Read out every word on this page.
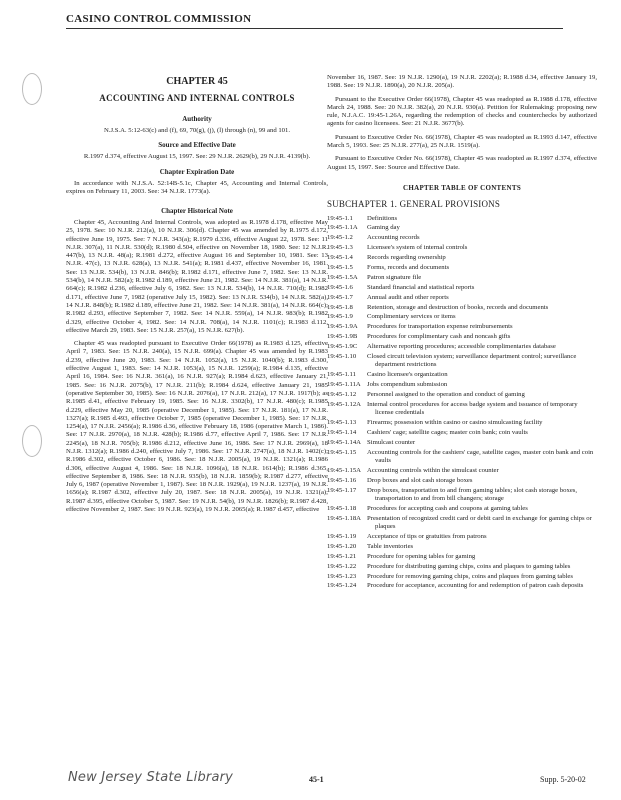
CASINO CONTROL COMMISSION
CHAPTER 45
ACCOUNTING AND INTERNAL CONTROLS
Authority

N.J.S.A. 5:12-63(c) and (f), 69, 70(g), (j), (l) through (n), 99 and 101.

Source and Effective Date

R.1997 d.374, effective August 15, 1997. See: 29 N.J.R. 2629(b), 29 N.J.R. 4139(b).

Chapter Expiration Date

In accordance with N.J.S.A. 52:14B-5.1c, Chapter 45, Accounting and Internal Controls, expires on February 11, 2003. See: 34 N.J.R. 1773(a).

Chapter Historical Note

Chapter 45, Accounting And Internal Controls, was adopted as R.1978 d.178, effective May 25, 1978. See: 10 N.J.R. 212(a), 10 N.J.R. 306(d). Chapter 45 was amended by R.1975 d.172, effective June 19, 1975. See: 7 N.J.R. 343(a); R.1979 d.336, effective August 22, 1978. See: 11 N.J.R. 307(a), 11 N.J.R. 530(d); R.1980 d.504, effective on November 18, 1980. See: 12 N.J.R. 447(b), 13 N.J.R. 48(a); R.1981 d.272, effective August 16 and September 10, 1981. See: 13 N.J.R. 47(c), 13 N.J.R. 628(a), 13 N.J.R. 541(a); R.1981 d.437, effective November 16, 1981. See: 13 N.J.R. 534(b), 13 N.J.R. 846(b); R.1982 d.171, effective June 7, 1982. See: 13 N.J.R. 534(b), 14 N.J.R. 582(a); R.1982 d.189, effective June 21, 1982. See: 14 N.J.R. 381(a), 14 N.J.R. 664(c); R.1982 d.236, effective July 6, 1982. See: 13 N.J.R. 534(b), 14 N.J.R. 710(d); R.1982 d.171, effective June 7, 1982 (operative July 15, 1982). See: 13 N.J.R. 534(b), 14 N.J.R. 582(a), 14 N.J.R. 848(b); R.1982 d.189, effective June 21, 1982. See: 14 N.J.R. 381(a), 14 N.J.R. 664(c); R.1982 d.293, effective September 7, 1982. See: 14 N.J.R. 559(a), 14 N.J.R. 983(b); R.1982 d.329, effective October 4, 1982. See: 14 N.J.R. 708(a), 14 N.J.R. 1101(c); R.1983 d.112, effective March 29, 1983. See: 15 N.J.R. 257(a), 15 N.J.R. 627(b).

Chapter 45 was readopted pursuant to Executive Order 66(1978) as R.1983 d.125, effective April 7, 1983. See: 15 N.J.R. 240(a), 15 N.J.R. 699(a). Chapter 45 was amended by R.1983 d.239, effective June 20, 1983. See: 14 N.J.R. 1052(a), 15 N.J.R. 1040(b); R.1983 d.300, effective August 1, 1983. See: 14 N.J.R. 1053(a), 15 N.J.R. 1259(a); R.1984 d.135, effective April 16, 1984. See: 16 N.J.R. 361(a), 16 N.J.R. 927(a); R.1984 d.623, effective January 21, 1985. See: 16 N.J.R. 2075(b), 17 N.J.R. 211(b); R.1984 d.624, effective January 21, 1985 (operative September 30, 1985). See: 16 N.J.R. 2076(a), 17 N.J.R. 212(a), 17 N.J.R. 1917(b); as R.1985 d.41, effective February 19, 1985. See: 16 N.J.R. 3302(b), 17 N.J.R. 480(c); R.1985 d.229, effective May 20, 1985 (operative December 1, 1985). See: 17 N.J.R. 181(a), 17 N.J.R. 1327(a); R.1985 d.493, effective October 7, 1985 (operative December 1, 1985). See: 17 N.J.R. 1254(a), 17 N.J.R. 2456(a); R.1986 d.36, effective February 18, 1986 (operative March 1, 1986). See: 17 N.J.R. 2970(a), 18 N.J.R. 428(b); R.1986 d.77, effective April 7, 1986. See: 17 N.J.R. 2245(a), 18 N.J.R. 705(b); R.1986 d.212, effective June 16, 1986. See: 17 N.J.R. 2969(a), 18 N.J.R. 1312(a); R.1986 d.240, effective July 7, 1986. See: 17 N.J.R. 2747(a), 18 N.J.R. 1402(c); R.1986 d.302, effective October 6, 1986. See: 18 N.J.R. 2005(a), 19 N.J.R. 1321(a); R.1986 d.306, effective August 4, 1986. See: 18 N.J.R. 1096(a), 18 N.J.R. 1614(b); R.1986 d.365, effective September 8, 1986. See: 18 N.J.R. 935(b), 18 N.J.R. 1859(b); R.1987 d.277, effective July 6, 1987 (operative November 1, 1987). See: 18 N.J.R. 1929(a), 19 N.J.R. 1237(a), 19 N.J.R. 1656(a); R.1987 d.302, effective July 20, 1987. See: 18 N.J.R. 2005(a), 19 N.J.R. 1321(a); R.1987 d.395, effective October 5, 1987. See: 19 N.J.R. 54(b), 19 N.J.R. 1826(b); R.1987 d.428, effective November 2, 1987. See: 19 N.J.R. 923(a), 19 N.J.R. 2065(a); R.1987 d.457, effective

November 16, 1987. See: 19 N.J.R. 1290(a), 19 N.J.R. 2202(a); R.1988 d.34, effective January 19, 1988. See: 19 N.J.R. 1890(a), 20 N.J.R. 205(a).

Pursuant to the Executive Order 66(1978), Chapter 45 was readopted as R.1988 d.178, effective March 24, 1988. See: 20 N.J.R. 382(a), 20 N.J.R. 930(a). Petition for Rulemaking: proposing new rule, N.J.A.C. 19:45-1.26A, regarding the redemption of checks and counterchecks by authorized agents for casino licensees. See: 21 N.J.R. 3677(b).

Pursuant to Executive Order No. 66(1978), Chapter 45 was readopted as R.1993 d.147, effective March 5, 1993. See: 25 N.J.R. 277(a), 25 N.J.R. 1519(a).

Pursuant to Executive Order No. 66(1978), Chapter 45 was readopted as R.1997 d.374, effective August 15, 1997. See: Source and Effective Date.

CHAPTER TABLE OF CONTENTS
SUBCHAPTER 1. GENERAL PROVISIONS
19:45-1.1	Definitions
19:45-1.1A	Gaming day
19:45-1.2	Accounting records
19:45-1.3	Licensee's system of internal controls
19:45-1.4	Records regarding ownership
19:45-1.5	Forms, records and documents
19:45-1.5A	Patron signature file
19:45-1.6	Standard financial and statistical reports
19:45-1.7	Annual audit and other reports
19:45-1.8	Retention, storage and destruction of books, records and documents
19:45-1.9	Complimentary services or items
19:45-1.9A	Procedures for transportation expense reimbursements
19:45-1.9B	Procedures for complimentary cash and noncash gifts
19:45-1.9C	Alternative reporting procedures; accessible complimentaries database
19:45-1.10	Closed circuit television system; surveillance department control; surveillance department restrictions
19:45-1.11	Casino licensee's organization
19:45-1.11A Jobs compendium submission
19:45-1.12	Personnel assigned to the operation and conduct of gaming
19:45-1.12A Internal control procedures for access badge system and issuance of temporary license credentials
19:45-1.13	Firearms; possession within casino or casino simulcasting facility
19:45-1.14	Cashiers' cage; satellite cages; master coin bank; coin vaults
19:45-1.14A Simulcast counter
19:45-1.15	Accounting controls for the cashiers' cage, satellite cages, master coin bank and coin vaults
19:45-1.15A Accounting controls within the simulcast counter
19:45-1.16	Drop boxes and slot cash storage boxes
19:45-1.17	Drop boxes, transportation to and from gaming tables; slot cash storage boxes, transportation to and from bill changers; storage
19:45-1.18	Procedures for accepting cash and coupons at gaming tables
19:45-1.18A Presentation of recognized credit card or debit card in exchange for gaming chips or plaques
19:45-1.19	Acceptance of tips or gratuities from patrons
19:45-1.20	Table inventories
19:45-1.21	Procedure for opening tables for gaming
19:45-1.22	Procedure for distributing gaming chips, coins and plaques to gaming tables
19:45-1.23	Procedure for removing gaming chips, coins and plaques from gaming tables
19:45-1.24	Procedure for acceptance, accounting for and redemption of patron cash deposits
New Jersey State Library	45-1	Supp. 5-20-02
